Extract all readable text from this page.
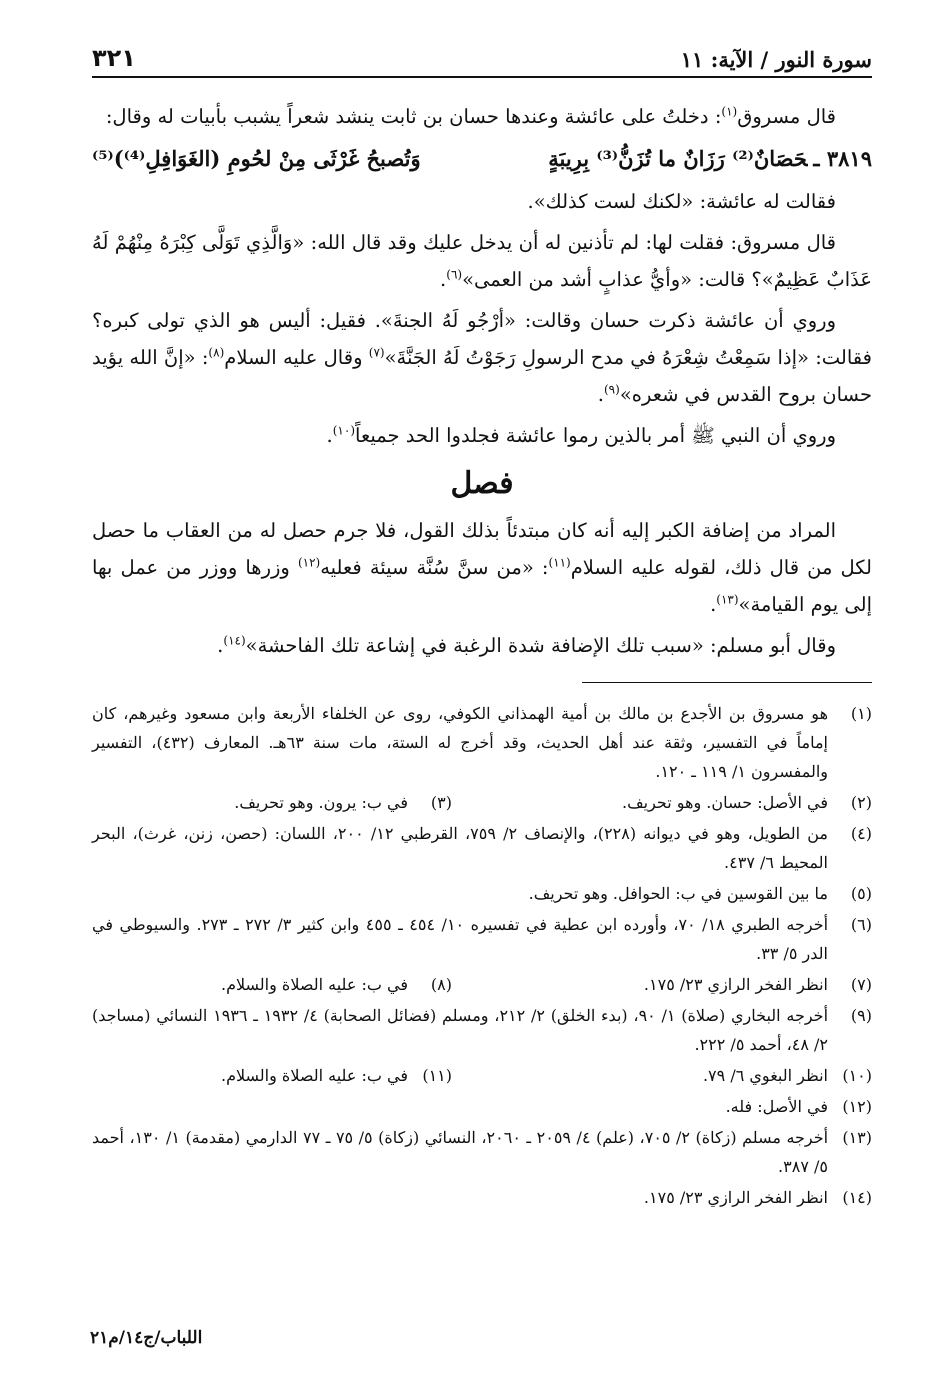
سورة النور / الآية: ١١
٣٢١

قال مسروق$^{(١)}$: دخلتُ على عائشة وعندها حسان بن ثابت ينشد شعراً يشبب بأبيات له وقال:

٣٨١٩ ـحَصَانٌ⁽²⁾ رَزَانٌ ما تُزَنُّ⁽³⁾ بِرِيبَةٍ
وَتُصبحُ غَرْثَى مِنْ لحُومِ (الغَوَافِلِ⁽⁴⁾)⁽⁵⁾

فقالت له عائشة: «لكنك لست كذلك».

قال مسروق: فقلت لها: لم تأذنين له أن يدخل عليك وقد قال الله: «وَالَّذِي تَوَلَّى كِبْرَهُ مِنْهُمْ لَهُ عَذَابٌ عَظِيمٌ»؟ قالت: «وأيُّ عذابٍ أشد من العمى»$^{(٦)}$.

وروي أن عائشة ذكرت حسان وقالت: «أرْجُو لَهُ الجنةَ». فقيل: أليس هو الذي تولى كبره؟ فقالت: «إذا سَمِعْتُ شِعْرَهُ في مدح الرسولِ رَجَوْتُ لَهُ الجَنَّةَ»$^{(٧)}$ وقال عليه السلام$^{(٨)}$: «إنَّ الله يؤيد حسان بروح القدس في شعره»$^{(٩)}$.

وروي أن النبي ﷺ أمر بالذين رموا عائشة فجلدوا الحد جميعاً$^{(١٠)}$.

فصل

المراد من إضافة الكبر إليه أنه كان مبتدئاً بذلك القول، فلا جرم حصل له من العقاب ما حصل لكل من قال ذلك، لقوله عليه السلام$^{(١١)}$: «من سنَّ سُنَّة سيئة فعليه$^{(١٢)}$ وزرها ووزر من عمل بها إلى يوم القيامة»$^{(١٣)}$.

وقال أبو مسلم: «سبب تلك الإضافة شدة الرغبة في إشاعة تلك الفاحشة»$^{(١٤)}$.

(١)
هو مسروق بن الأجدع بن مالك بن أمية الهمذاني الكوفي، روى عن الخلفاء الأربعة وابن مسعود وغيرهم، كان إماماً في التفسير، وثقة عند أهل الحديث، وقد أخرج له الستة، مات سنة ٦٣هـ. المعارف (٤٣٢)، التفسير والمفسرون ١/ ١١٩ ـ ١٢٠.
(٢)
في الأصل: حسان. وهو تحريف.
(٣)
في ب: يرون. وهو تحريف.
(٤)
من الطويل، وهو في ديوانه (٢٢٨)، والإنصاف ٢/ ٧٥٩، القرطبي ١٢/ ٢٠٠، اللسان: (حصن، زنن، غرث)، البحر المحيط ٦/ ٤٣٧.
(٥)
ما بين القوسين في ب: الحوافل. وهو تحريف.
(٦)
أخرجه الطبري ١٨/ ٧٠، وأورده ابن عطية في تفسيره ١٠/ ٤٥٤ ـ ٤٥٥ وابن كثير ٣/ ٢٧٢ ـ ٢٧٣. والسيوطي في الدر ٥/ ٣٣.
(٧)
انظر الفخر الرازي ٢٣/ ١٧٥.
(٨)
في ب: عليه الصلاة والسلام.
(٩)
أخرجه البخاري (صلاة) ١/ ٩٠، (بدء الخلق) ٢/ ٢١٢، ومسلم (فضائل الصحابة) ٤/ ١٩٣٢ ـ ١٩٣٦ النسائي (مساجد) ٢/ ٤٨، أحمد ٥/ ٢٢٢.
(١٠)
انظر البغوي ٦/ ٧٩.
(١١)
في ب: عليه الصلاة والسلام.
(١٢)
في الأصل: فله.
(١٣)
أخرجه مسلم (زكاة) ٢/ ٧٠٥، (علم) ٤/ ٢٠٥٩ ـ ٢٠٦٠، النسائي (زكاة) ٥/ ٧٥ ـ ٧٧ الدارمي (مقدمة) ١/ ١٣٠، أحمد ٥/ ٣٨٧.
(١٤)
انظر الفخر الرازي ٢٣/ ١٧٥.
اللباب/ج١٤/م٢١
